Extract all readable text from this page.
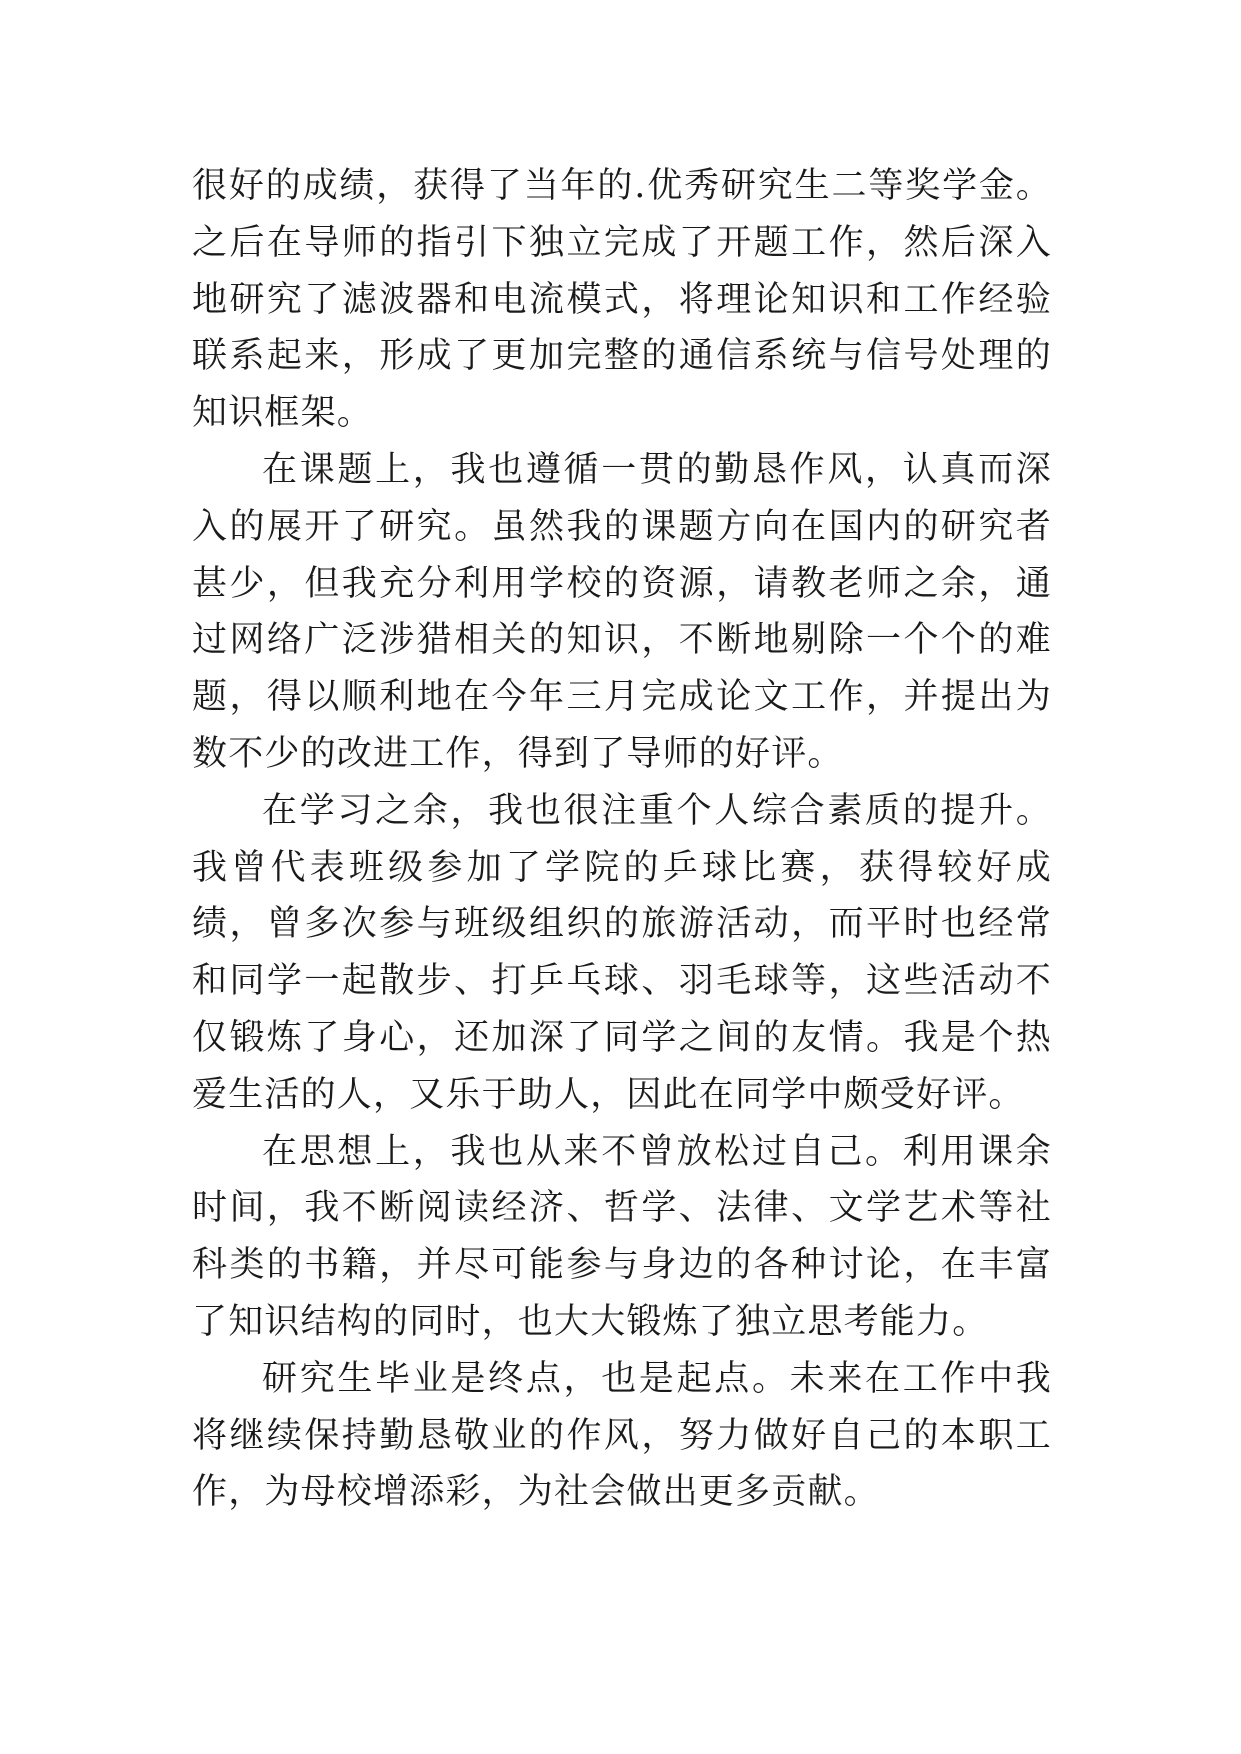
很好的成绩，获得了当年的.优秀研究生二等奖学金。之后在导师的指引下独立完成了开题工作，然后深入地研究了滤波器和电流模式，将理论知识和工作经验联系起来，形成了更加完整的通信系统与信号处理的知识框架。

在课题上，我也遵循一贯的勤恳作风，认真而深入的展开了研究。虽然我的课题方向在国内的研究者甚少，但我充分利用学校的资源，请教老师之余，通过网络广泛涉猎相关的知识，不断地剔除一个个的难题，得以顺利地在今年三月完成论文工作，并提出为数不少的改进工作，得到了导师的好评。

在学习之余，我也很注重个人综合素质的提升。我曾代表班级参加了学院的乒球比赛，获得较好成绩，曾多次参与班级组织的旅游活动，而平时也经常和同学一起散步、打乒乓球、羽毛球等，这些活动不仅锻炼了身心，还加深了同学之间的友情。我是个热爱生活的人，又乐于助人，因此在同学中颇受好评。

在思想上，我也从来不曾放松过自己。利用课余时间，我不断阅读经济、哲学、法律、文学艺术等社科类的书籍，并尽可能参与身边的各种讨论，在丰富了知识结构的同时，也大大锻炼了独立思考能力。

研究生毕业是终点，也是起点。未来在工作中我将继续保持勤恳敬业的作风，努力做好自己的本职工作，为母校增添彩，为社会做出更多贡献。
